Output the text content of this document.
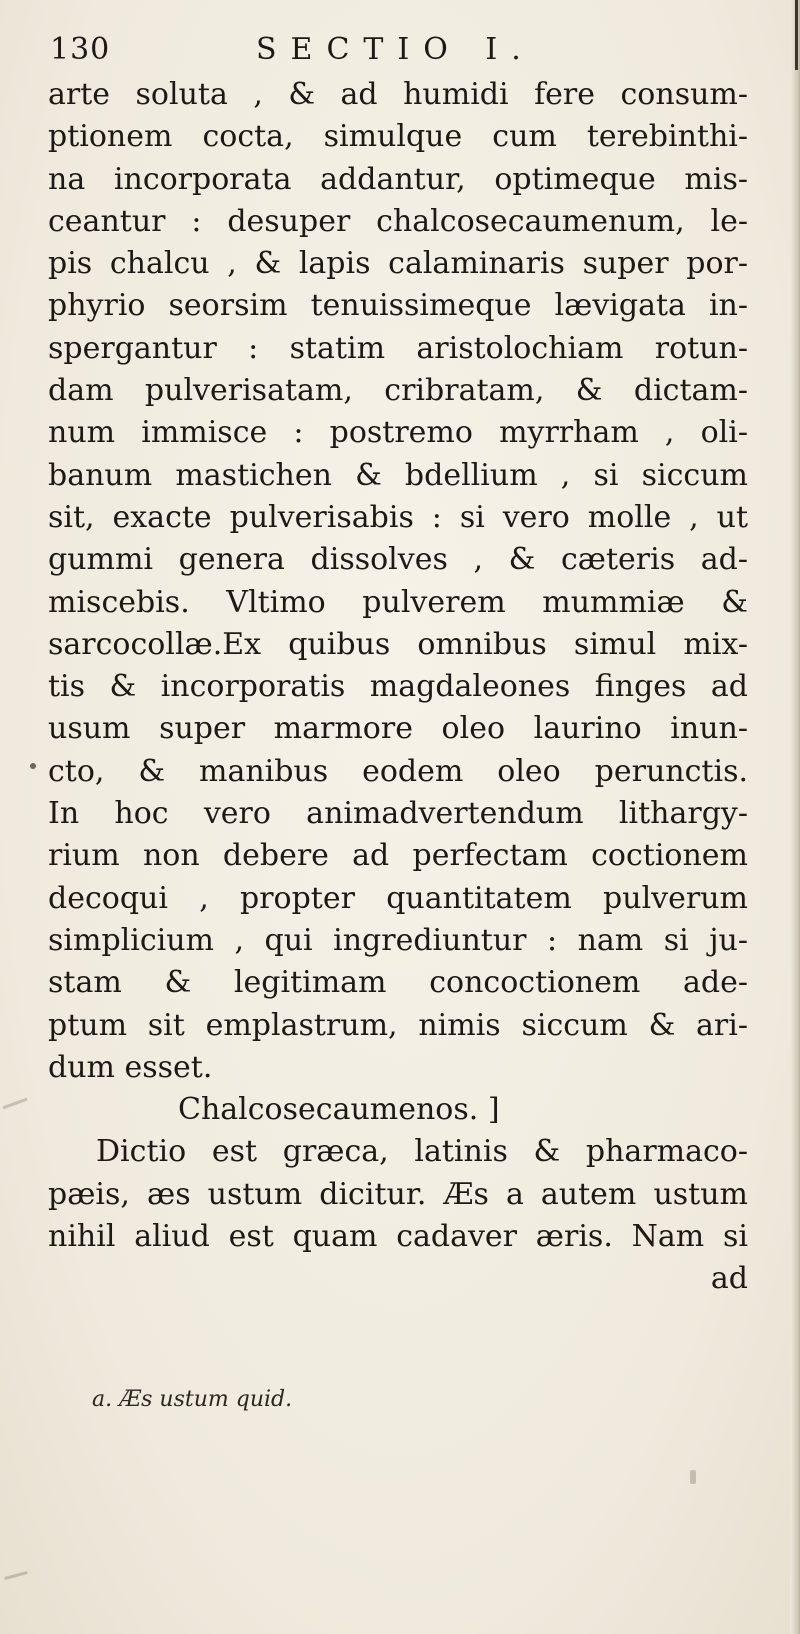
130	SECTIO I.
arte soluta , & ad humidi fere consum-
ptionem cocta, simulque cum terebinthi-
na incorporata addantur, optimeque mis-
ceantur : desuper chalcosecaumenum, le-
pis chalcu , & lapis calaminaris super por-
phyrio seorsim tenuissimeque lævigata in-
spergantur : statim aristolochiam rotun-
dam pulverisatam, cribratam, & dictam-
num immisce : postremo myrrham , oli-
banum mastichen & bdellium , si siccum
sit, exacte pulverisabis : si vero molle , ut
gummi genera dissolves , & cæteris ad-
miscebis. Vltimo pulverem mummiæ &
sarcocollæ.Ex quibus omnibus simul mix-
tis & incorporatis magdaleones finges ad
usum super marmore oleo laurino inun-
cto, & manibus eodem oleo perunctis.
In hoc vero animadvertendum lithargy-
rium non debere ad perfectam coctionem
decoqui , propter quantitatem pulverum
simplicium , qui ingrediuntur : nam si ju-
stam & legitimam concoctionem ade-
ptum sit emplastrum, nimis siccum & ari-
dum esset.
Chalcosecaumenos. ]
Dictio est græca, latinis & pharmaco-
pæis, æs ustum dicitur. Æs a autem ustum
nihil aliud est quam cadaver æris. Nam si
ad
a. Æs ustum quid.
